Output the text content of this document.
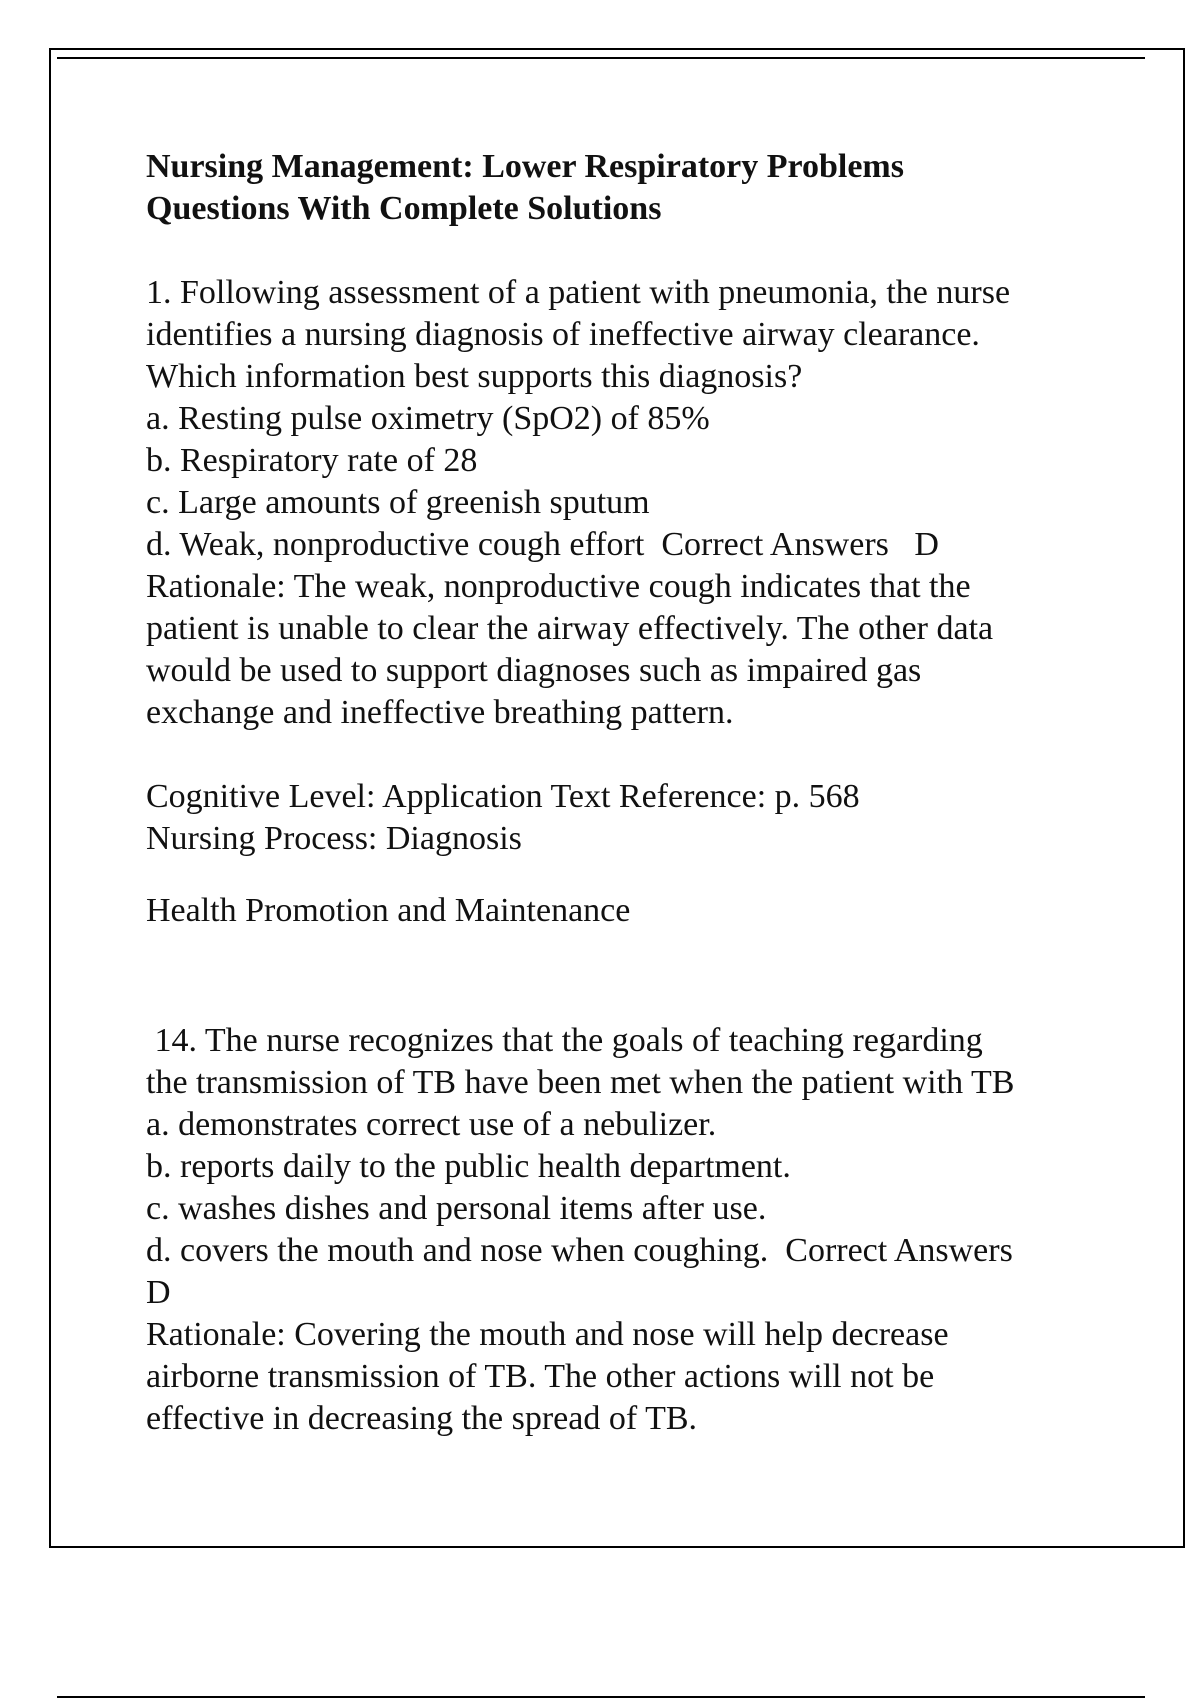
Nursing Management: Lower Respiratory Problems
Questions With Complete Solutions
1. Following assessment of a patient with pneumonia, the nurse
identifies a nursing diagnosis of ineffective airway clearance.
Which information best supports this diagnosis?
a. Resting pulse oximetry (SpO2) of 85%
b. Respiratory rate of 28
c. Large amounts of greenish sputum
d. Weak, nonproductive cough effort  Correct Answers   D
Rationale: The weak, nonproductive cough indicates that the
patient is unable to clear the airway effectively. The other data
would be used to support diagnoses such as impaired gas
exchange and ineffective breathing pattern.
Cognitive Level: Application Text Reference: p. 568
Nursing Process: Diagnosis
Health Promotion and Maintenance
14. The nurse recognizes that the goals of teaching regarding
the transmission of TB have been met when the patient with TB
a. demonstrates correct use of a nebulizer.
b. reports daily to the public health department.
c. washes dishes and personal items after use.
d. covers the mouth and nose when coughing.  Correct Answers
D
Rationale: Covering the mouth and nose will help decrease
airborne transmission of TB. The other actions will not be
effective in decreasing the spread of TB.
